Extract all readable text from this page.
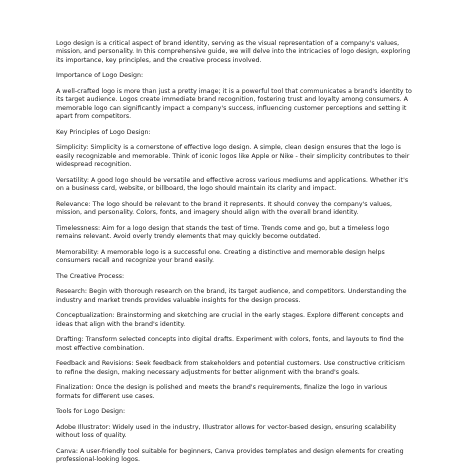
Logo design is a critical aspect of brand identity, serving as the visual representation of a company's values, mission, and personality. In this comprehensive guide, we will delve into the intricacies of logo design, exploring its importance, key principles, and the creative process involved.

Importance of Logo Design:

A well-crafted logo is more than just a pretty image; it is a powerful tool that communicates a brand's identity to its target audience. Logos create immediate brand recognition, fostering trust and loyalty among consumers. A memorable logo can significantly impact a company's success, influencing customer perceptions and setting it apart from competitors.

Key Principles of Logo Design:

Simplicity: Simplicity is a cornerstone of effective logo design. A simple, clean design ensures that the logo is easily recognizable and memorable. Think of iconic logos like Apple or Nike - their simplicity contributes to their widespread recognition.

Versatility: A good logo should be versatile and effective across various mediums and applications. Whether it's on a business card, website, or billboard, the logo should maintain its clarity and impact.

Relevance: The logo should be relevant to the brand it represents. It should convey the company's values, mission, and personality. Colors, fonts, and imagery should align with the overall brand identity.

Timelessness: Aim for a logo design that stands the test of time. Trends come and go, but a timeless logo remains relevant. Avoid overly trendy elements that may quickly become outdated.

Memorability: A memorable logo is a successful one. Creating a distinctive and memorable design helps consumers recall and recognize your brand easily.

The Creative Process:

Research: Begin with thorough research on the brand, its target audience, and competitors. Understanding the industry and market trends provides valuable insights for the design process.

Conceptualization: Brainstorming and sketching are crucial in the early stages. Explore different concepts and ideas that align with the brand's identity.

Drafting: Transform selected concepts into digital drafts. Experiment with colors, fonts, and layouts to find the most effective combination.

Feedback and Revisions: Seek feedback from stakeholders and potential customers. Use constructive criticism to refine the design, making necessary adjustments for better alignment with the brand's goals.

Finalization: Once the design is polished and meets the brand's requirements, finalize the logo in various formats for different use cases.

Tools for Logo Design:

Adobe Illustrator: Widely used in the industry, Illustrator allows for vector-based design, ensuring scalability without loss of quality.

Canva: A user-friendly tool suitable for beginners, Canva provides templates and design elements for creating professional-looking logos.
